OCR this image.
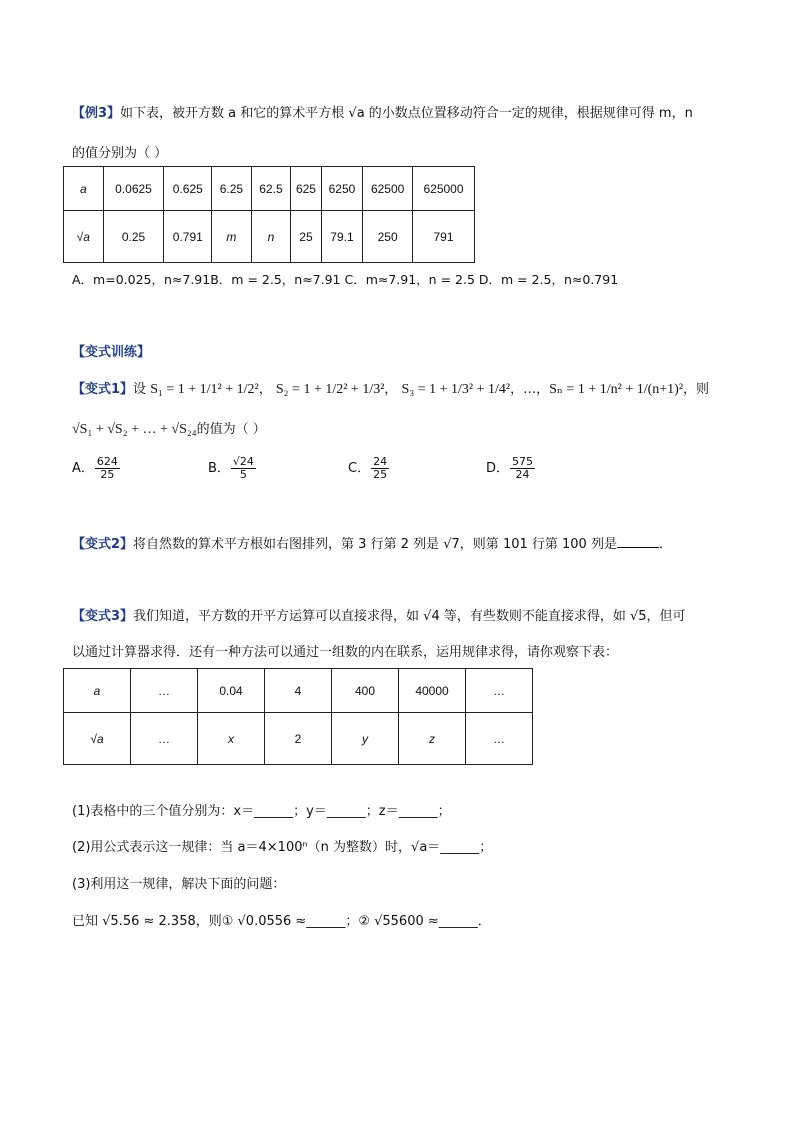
【例3】如下表，被开方数 a 和它的算术平方根 √a 的小数点位置移动符合一定的规律，根据规律可得 m，n
的值分别为（ ）
a	0.0625	0.625	6.25	62.5	625	6250	62500	625000
√a	0.25	0.791	m	n	25	79.1	250	791
A．m=0.025，n≈7.91B．m = 2.5，n≈7.91 C．m≈7.91，n = 2.5 D．m = 2.5，n≈0.791
【变式训练】
【变式1】设 S₁ = 1 + 1/1² + 1/2²， S₂ = 1 + 1/2² + 1/3²， S₃ = 1 + 1/3² + 1/4²，…，Sₙ = 1 + 1/n² + 1/(n+1)²，则
√S₁ + √S₂ + … + √S₂₄的值为（ ）
A． $\frac{624}{25}$	B． $\frac{√24}{5}$	C． $\frac{24}{25}$	D． $\frac{575}{24}$
【变式2】将自然数的算术平方根如右图排列，第 3 行第 2 列是 √7，则第 101 行第 100 列是	．
【变式3】我们知道，平方数的开平方运算可以直接求得，如 √4 等，有些数则不能直接求得，如 √5，但可
以通过计算器求得．还有一种方法可以通过一组数的内在联系，运用规律求得，请你观察下表：
a	…	0.04	4	400	40000	…
√a	…	x	2	y	z	…
(1)表格中的三个值分别为：x＝______；y＝______；z＝______；
(2)用公式表示这一规律：当 a＝4×100ⁿ（n 为整数）时，√a＝______；
(3)利用这一规律，解决下面的问题：
已知 √5.56 ≈ 2.358，则① √0.0556 ≈______；② √55600 ≈______．
